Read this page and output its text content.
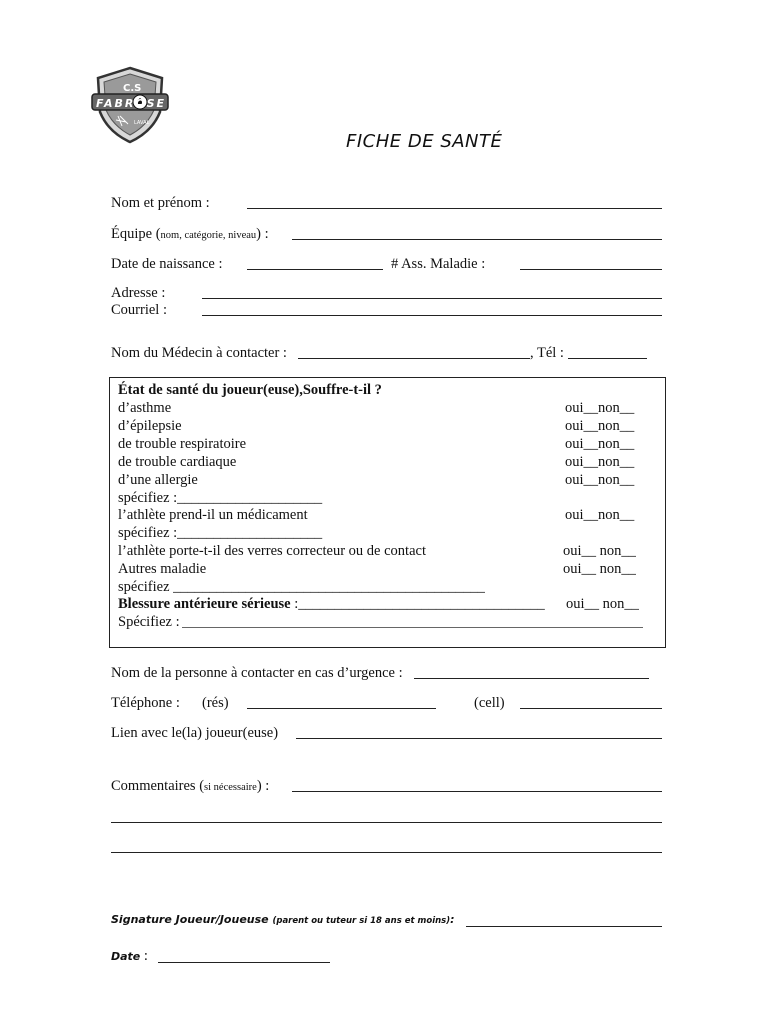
C.S
FABROSE
LAVAL
FICHE DE SANTÉ
Nom et prénom :
Équipe (nom, catégorie, niveau) :
Date de naissance :	# Ass. Maladie :
Adresse :
Courriel :
Nom du Médecin à contacter :	, Tél :
État de santé du joueur(euse),Souffre-t-il ?
d’asthme	oui__non__
d’épilepsie	oui__non__
de trouble respiratoire	oui__non__
de trouble cardiaque	oui__non__
d’une allergie	oui__non__
spécifiez :____________________
l’athlète prend-il un médicament	oui__non__
spécifiez :____________________
l’athlète porte-t-il des verres correcteur ou de contact	oui__ non__
Autres maladie	oui__ non__
spécifiez ___________________________________________
Blessure antérieure sérieuse :__________________________________ oui__ non__
Spécifiez :
Nom de la personne à contacter en cas d’urgence :
Téléphone : (rés)	(cell)
Lien avec le(la) joueur(euse)
Commentaires (si nécessaire) :
Signature Joueur/Joueuse (parent ou tuteur si 18 ans et moins):
Date :
